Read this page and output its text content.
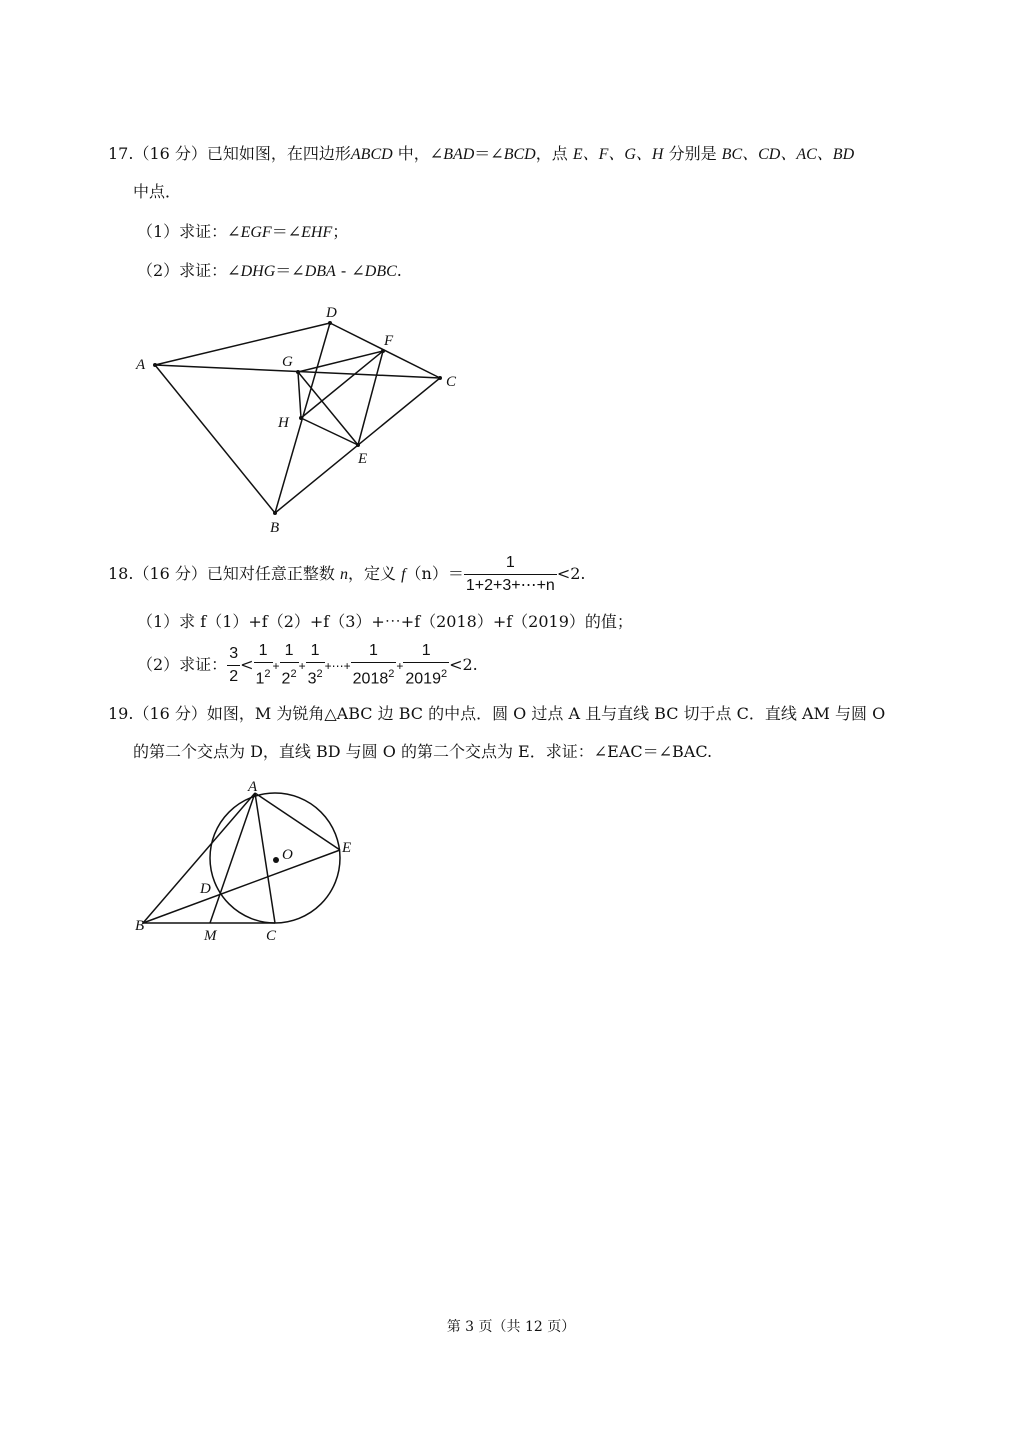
17.（16 分）已知如图，在四边形ABCD 中，∠BAD＝∠BCD，点 E、F、G、H 分别是 BC、CD、AC、BD
中点．
（1）求证：∠EGF＝∠EHF；
（2）求证：∠DHG＝∠DBA - ∠DBC.
A
B
C
D
E
F
G
H
18.（16 分）已知对任意正整数 n，定义 $f(n)= \frac{1}{1+2+3+\cdots+n} <2$.
（1）求 f（1）+f（2）+f（3）+⋯+f（2018）+f（2019）的值；
（2）求证： $\frac{3}{2} < \frac{1}{1^2} + \frac{1}{2^2} + \frac{1}{3^2}$ +⋯+ $\frac{1}{2018^2} + \frac{1}{2019^2} <2$.
19.（16 分）如图，M 为锐角△ABC 边 BC 的中点．圆 O 过点 A 且与直线 BC 切于点 C．直线 AM 与圆 O
的第二个交点为 D，直线 BD 与圆 O 的第二个交点为 E．求证：∠EAC＝∠BAC.
A
B
C
D
E
M
O
第 3 页（共 12 页）
